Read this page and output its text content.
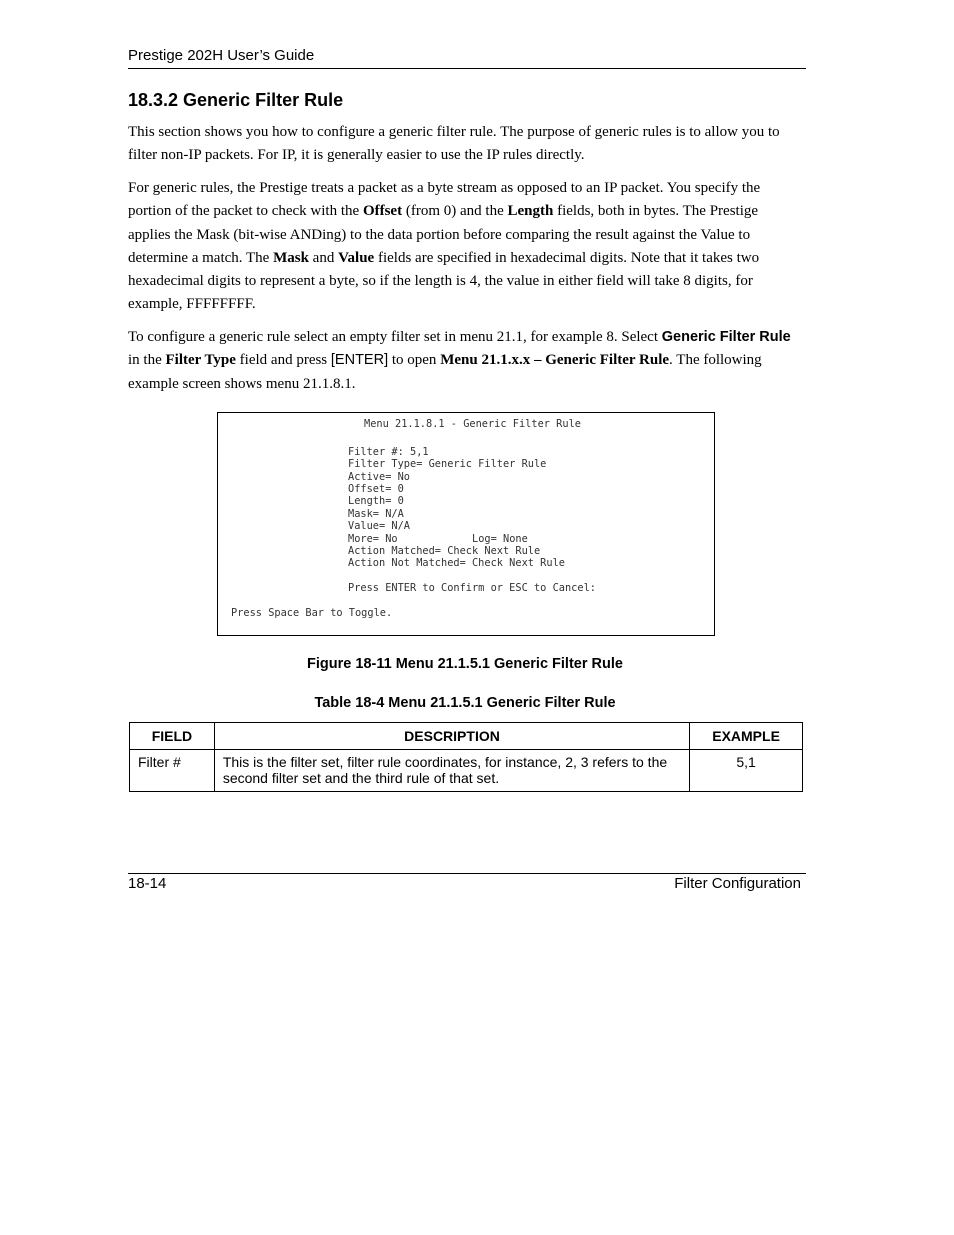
Prestige 202H User’s Guide
18.3.2 Generic Filter Rule

This section shows you how to configure a generic filter rule. The purpose of generic rules is to allow you to filter non-IP packets. For IP, it is generally easier to use the IP rules directly.

For generic rules, the Prestige treats a packet as a byte stream as opposed to an IP packet. You specify the portion of the packet to check with the Offset (from 0) and the Length fields, both in bytes. The Prestige applies the Mask (bit-wise ANDing) to the data portion before comparing the result against the Value to determine a match. The Mask and Value fields are specified in hexadecimal digits. Note that it takes two hexadecimal digits to represent a byte, so if the length is 4, the value in either field will take 8 digits, for example, FFFFFFFF.

To configure a generic rule select an empty filter set in menu 21.1, for example 8. Select Generic Filter Rule in the Filter Type field and press [ENTER] to open Menu 21.1.x.x – Generic Filter Rule. The following example screen shows menu 21.1.8.1.

Menu 21.1.8.1 - Generic Filter Rule
Filter #: 5,1
Filter Type= Generic Filter Rule
Active= No
Offset= 0
Length= 0
Mask= N/A
Value= N/A
More= No	Log= None
Action Matched= Check Next Rule
Action Not Matched= Check Next Rule
Press ENTER to Confirm or ESC to Cancel:
Press Space Bar to Toggle.
Figure 18-11 Menu 21.1.5.1 Generic Filter Rule
Table 18-4 Menu 21.1.5.1 Generic Filter Rule
FIELD	DESCRIPTION	EXAMPLE
Filter #	This is the filter set, filter rule coordinates, for instance, 2, 3 refers to the second filter set and the third rule of that set.	5,1
18-14	Filter Configuration
